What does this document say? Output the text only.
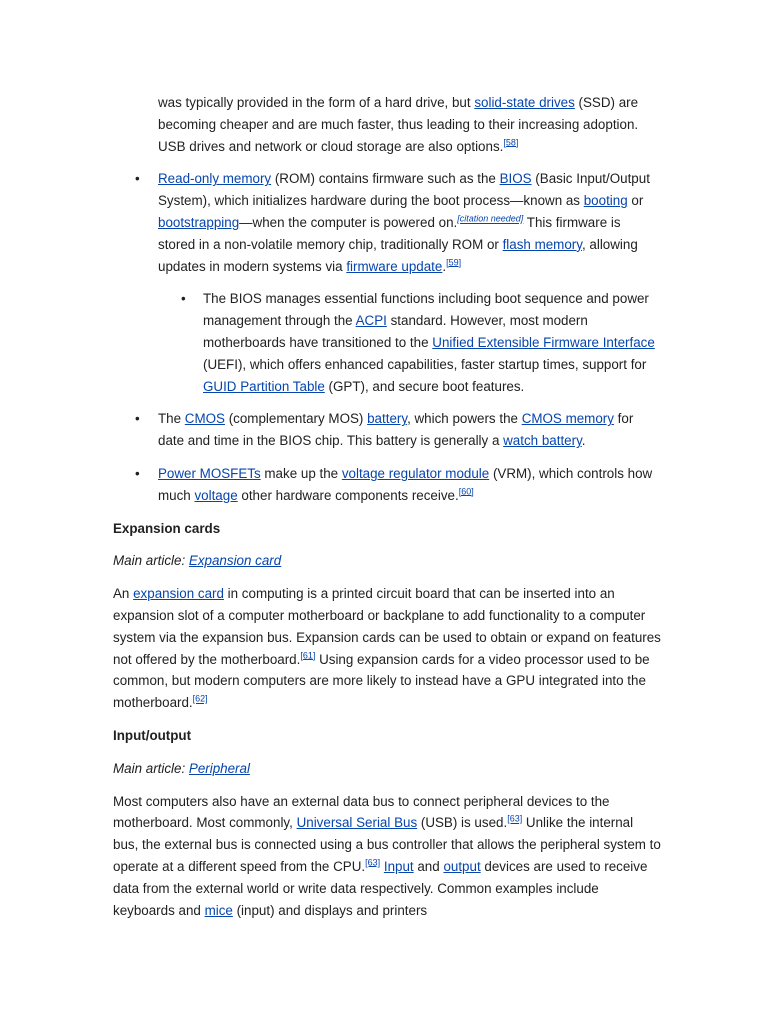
was typically provided in the form of a hard drive, but solid-state drives (SSD) are becoming cheaper and are much faster, thus leading to their increasing adoption. USB drives and network or cloud storage are also options.[58]

• Read-only memory (ROM) contains firmware such as the BIOS (Basic Input/Output System), which initializes hardware during the boot process—known as booting or bootstrapping—when the computer is powered on.[citation needed] This firmware is stored in a non-volatile memory chip, traditionally ROM or flash memory, allowing updates in modern systems via firmware update.[59]
• The BIOS manages essential functions including boot sequence and power management through the ACPI standard. However, most modern motherboards have transitioned to the Unified Extensible Firmware Interface (UEFI), which offers enhanced capabilities, faster startup times, support for GUID Partition Table (GPT), and secure boot features.
• The CMOS (complementary MOS) battery, which powers the CMOS memory for date and time in the BIOS chip. This battery is generally a watch battery.
• Power MOSFETs make up the voltage regulator module (VRM), which controls how much voltage other hardware components receive.[60]
Expansion cards

Main article: Expansion card

An expansion card in computing is a printed circuit board that can be inserted into an expansion slot of a computer motherboard or backplane to add functionality to a computer system via the expansion bus. Expansion cards can be used to obtain or expand on features not offered by the motherboard.[61] Using expansion cards for a video processor used to be common, but modern computers are more likely to instead have a GPU integrated into the motherboard.[62]

Input/output

Main article: Peripheral

Most computers also have an external data bus to connect peripheral devices to the motherboard. Most commonly, Universal Serial Bus (USB) is used.[63] Unlike the internal bus, the external bus is connected using a bus controller that allows the peripheral system to operate at a different speed from the CPU.[63] Input and output devices are used to receive data from the external world or write data respectively. Common examples include keyboards and mice (input) and displays and printers
